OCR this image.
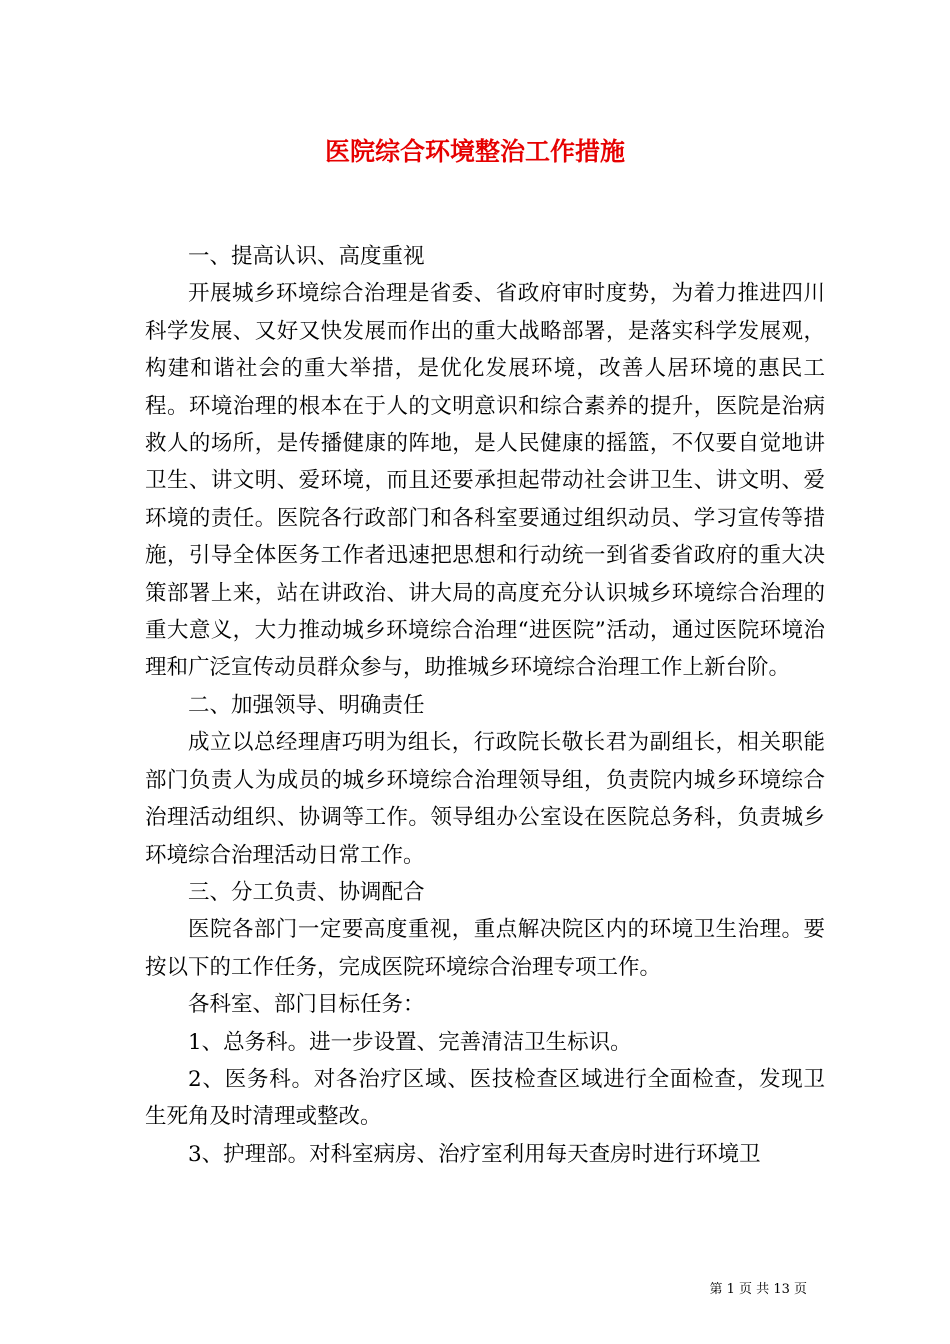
医院综合环境整治工作措施

一、提高认识、高度重视

开展城乡环境综合治理是省委、省政府审时度势，为着力推进四川科学发展、又好又快发展而作出的重大战略部署，是落实科学发展观，构建和谐社会的重大举措，是优化发展环境，改善人居环境的惠民工程。环境治理的根本在于人的文明意识和综合素养的提升，医院是治病救人的场所，是传播健康的阵地，是人民健康的摇篮，不仅要自觉地讲卫生、讲文明、爱环境，而且还要承担起带动社会讲卫生、讲文明、爱环境的责任。医院各行政部门和各科室要通过组织动员、学习宣传等措施，引导全体医务工作者迅速把思想和行动统一到省委省政府的重大决策部署上来，站在讲政治、讲大局的高度充分认识城乡环境综合治理的重大意义，大力推动城乡环境综合治理“进医院”活动，通过医院环境治理和广泛宣传动员群众参与，助推城乡环境综合治理工作上新台阶。

二、加强领导、明确责任

成立以总经理唐巧明为组长，行政院长敬长君为副组长，相关职能部门负责人为成员的城乡环境综合治理领导组，负责院内城乡环境综合治理活动组织、协调等工作。领导组办公室设在医院总务科，负责城乡环境综合治理活动日常工作。

三、分工负责、协调配合

医院各部门一定要高度重视，重点解决院区内的环境卫生治理。要按以下的工作任务，完成医院环境综合治理专项工作。

各科室、部门目标任务：

1、总务科。进一步设置、完善清洁卫生标识。

2、医务科。对各治疗区域、医技检查区域进行全面检查，发现卫生死角及时清理或整改。

3、护理部。对科室病房、治疗室利用每天查房时进行环境卫

第 1 页 共 13 页
